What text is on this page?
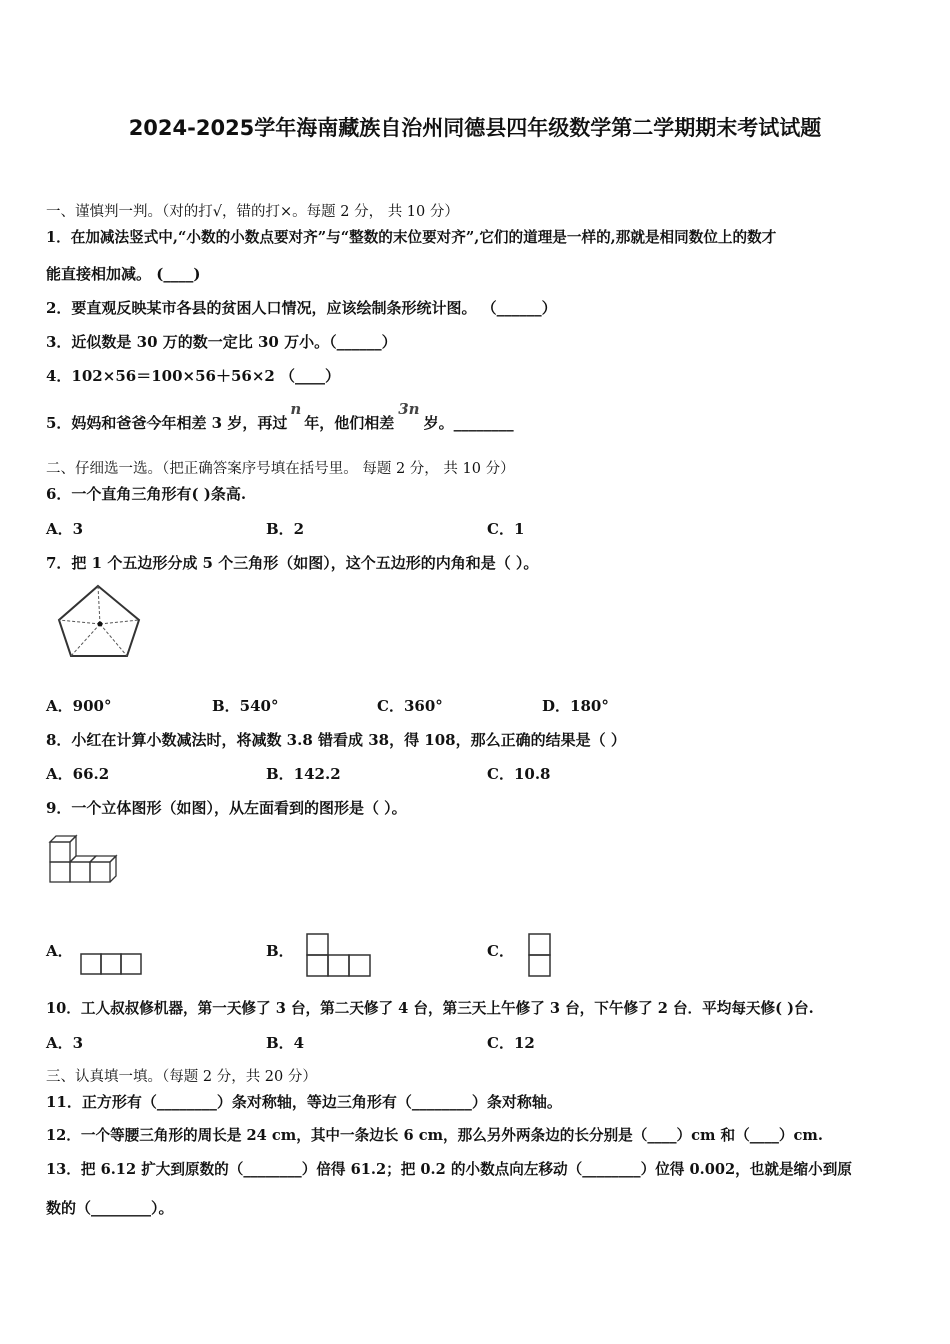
2024-2025学年海南藏族自治州同德县四年级数学第二学期期末考试试题
一、谨慎判一判。（对的打√，错的打×。每题 2 分， 共 10 分）
1．在加减法竖式中,“小数的小数点要对齐”与“整数的末位要对齐”,它们的道理是一样的,那就是相同数位上的数才
能直接相加减。 (____)
2．要直观反映某市各县的贫困人口情况，应该绘制条形统计图。 （______）
3．近似数是 30 万的数一定比 30 万小。（______）
4．102×56＝100×56＋56×2 （____）
5．妈妈和爸爸今年相差 3 岁，再过n年，他们相差3n岁。________
二、仔细选一选。（把正确答案序号填在括号里。 每题 2 分， 共 10 分）
6．一个直角三角形有( )条高.
A．3	B．2	C．1
7．把 1 个五边形分成 5 个三角形（如图），这个五边形的内角和是（ ）。
A．900°	B．540°	C．360°	D．180°
8．小红在计算小数减法时，将减数 3.8 错看成 38，得 108，那么正确的结果是（ ）
A．66.2	B．142.2	C．10.8
9．一个立体图形（如图），从左面看到的图形是（ ）。
A．	B．	C．
10．工人叔叔修机器，第一天修了 3 台，第二天修了 4 台，第三天上午修了 3 台，下午修了 2 台．平均每天修( )台.
A．3	B．4	C．12
三、认真填一填。（每题 2 分，共 20 分）
11．正方形有（________）条对称轴，等边三角形有（________）条对称轴。
12．一个等腰三角形的周长是 24 cm，其中一条边长 6 cm，那么另外两条边的长分别是（____）cm 和（____）cm.
13．把 6.12 扩大到原数的（________）倍得 61.2；把 0.2 的小数点向左移动（________）位得 0.002，也就是缩小到原
数的（________）。
